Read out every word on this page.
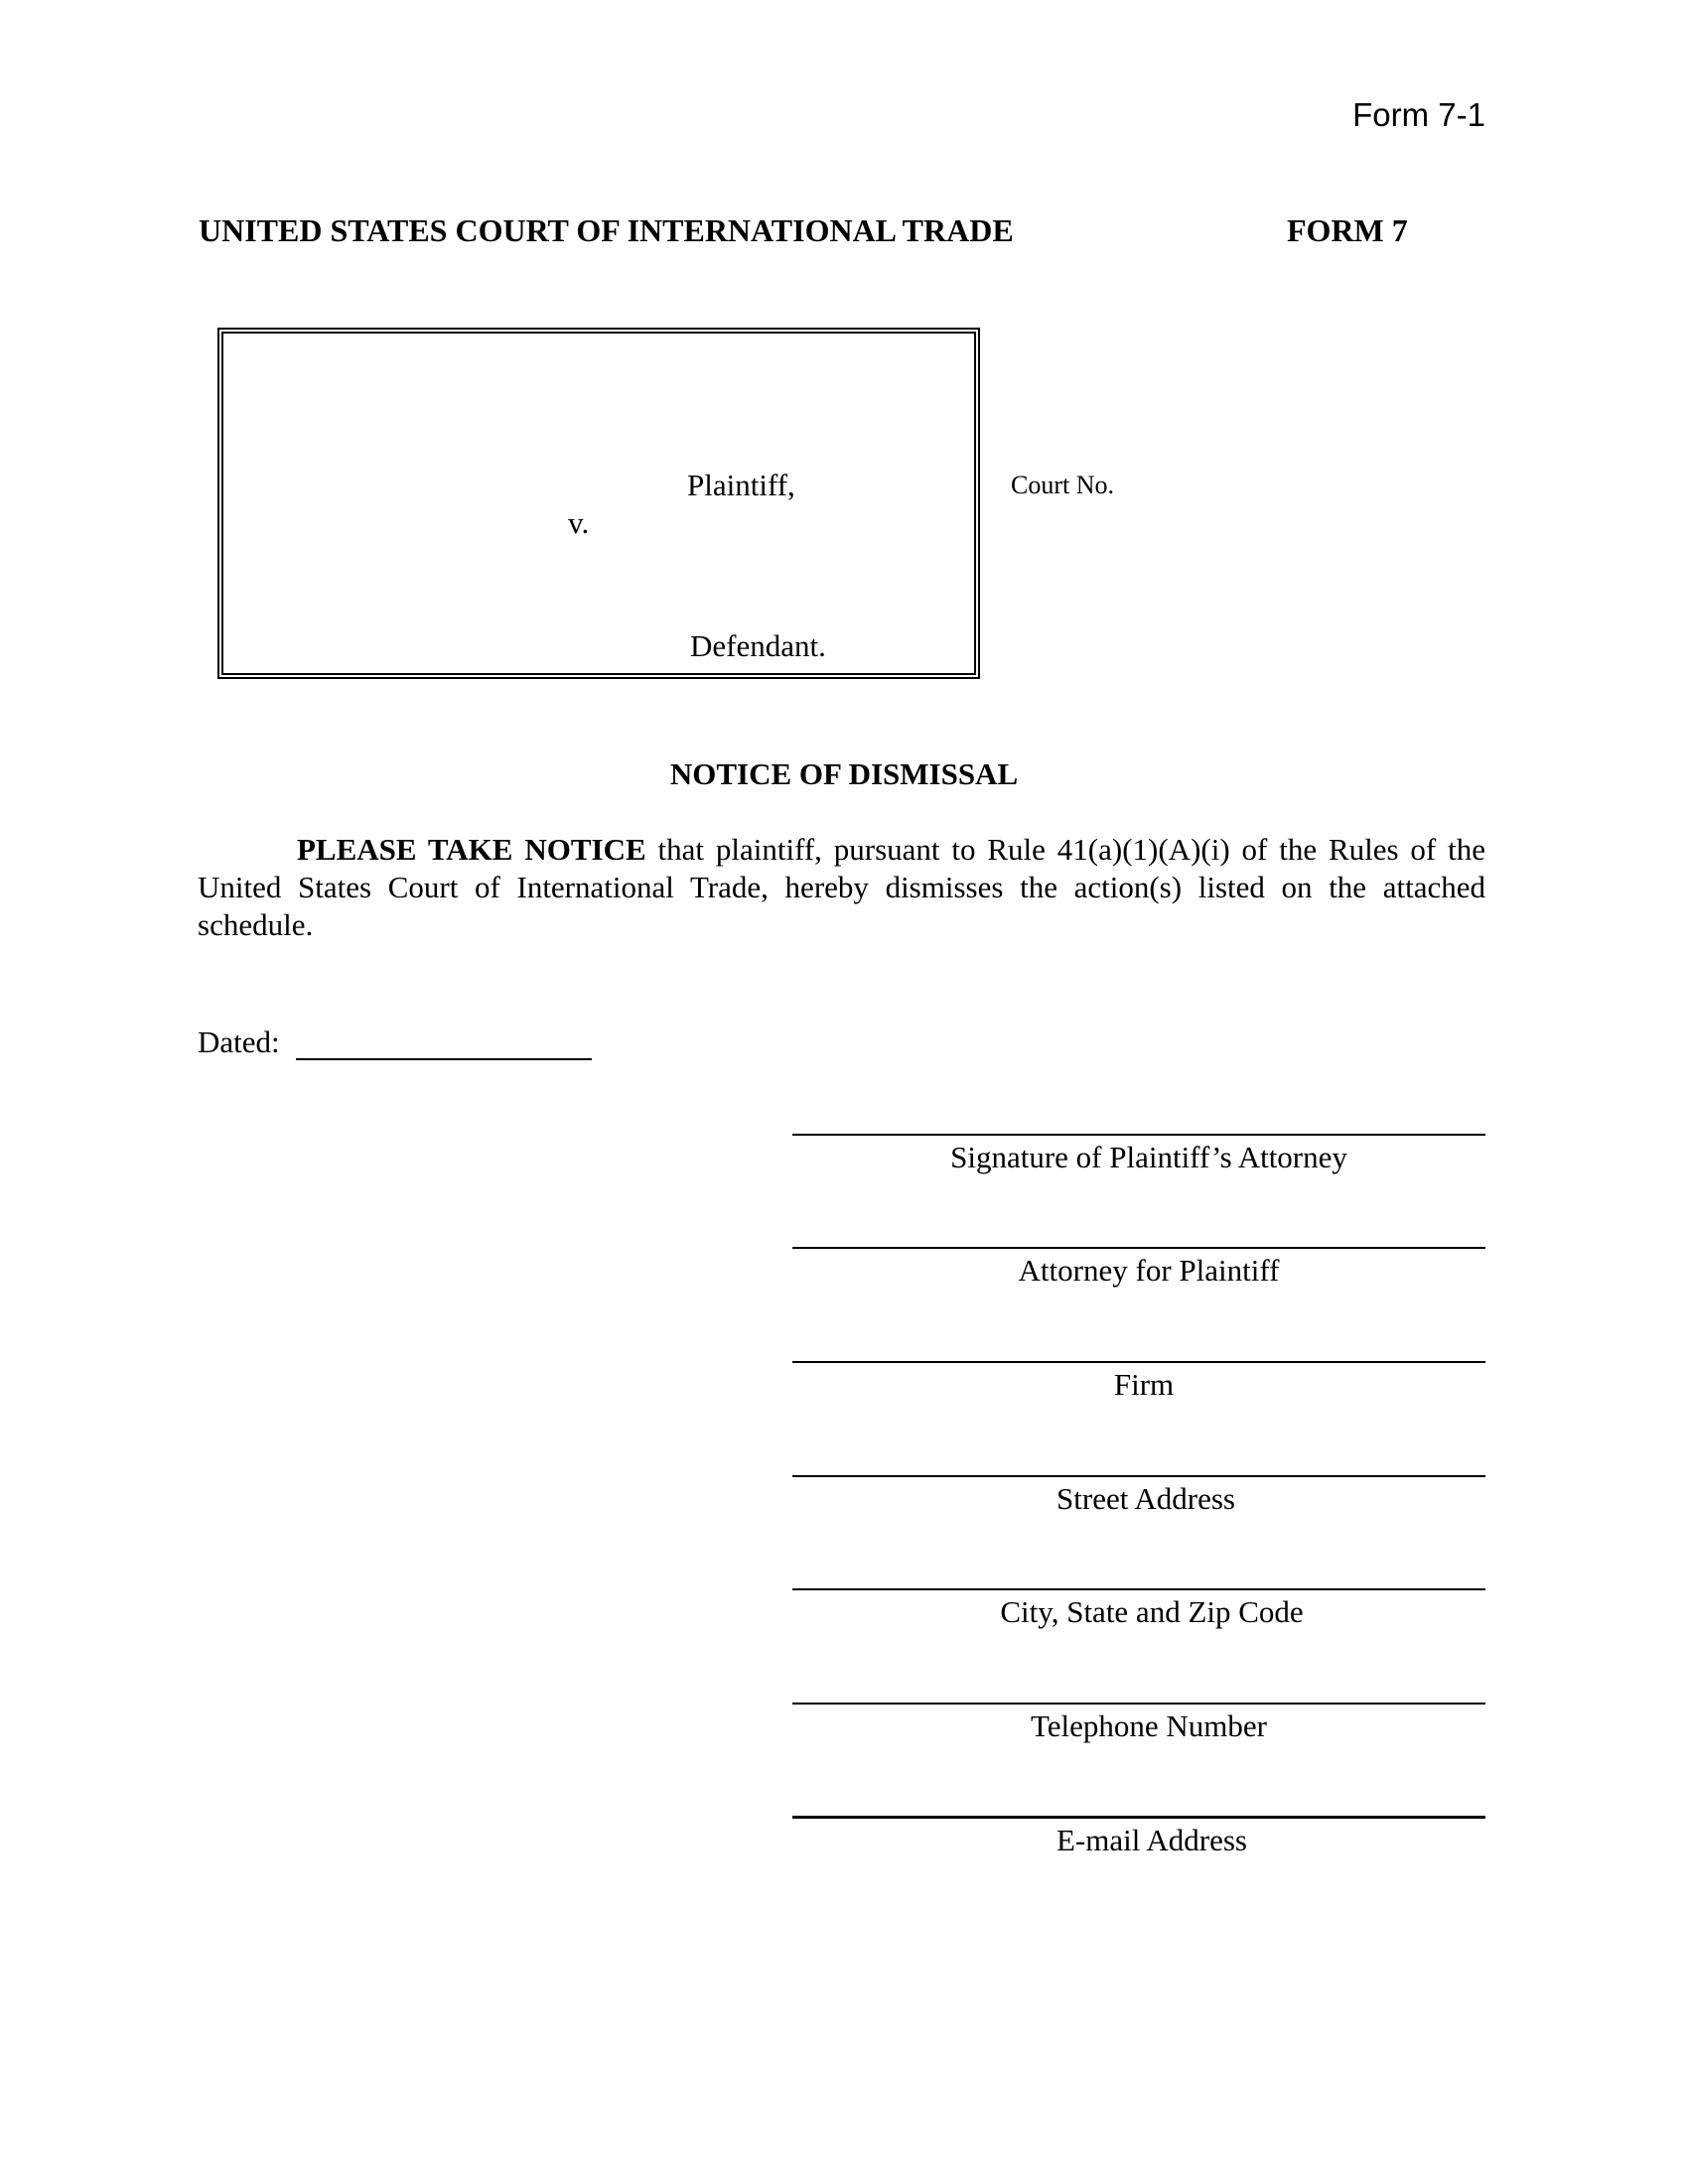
Form 7-1
UNITED STATES COURT OF INTERNATIONAL TRADE	FORM 7
Plaintiff,
v.
Defendant.
Court No.
NOTICE OF DISMISSAL
PLEASE TAKE NOTICE that plaintiff, pursuant to Rule 41(a)(1)(A)(i) of the Rules of the United States Court of International Trade, hereby dismisses the action(s) listed on the attached schedule.
Dated:
Signature of Plaintiff’s Attorney
Attorney for Plaintiff
Firm
Street Address
City, State and Zip Code
Telephone Number
E-mail Address
